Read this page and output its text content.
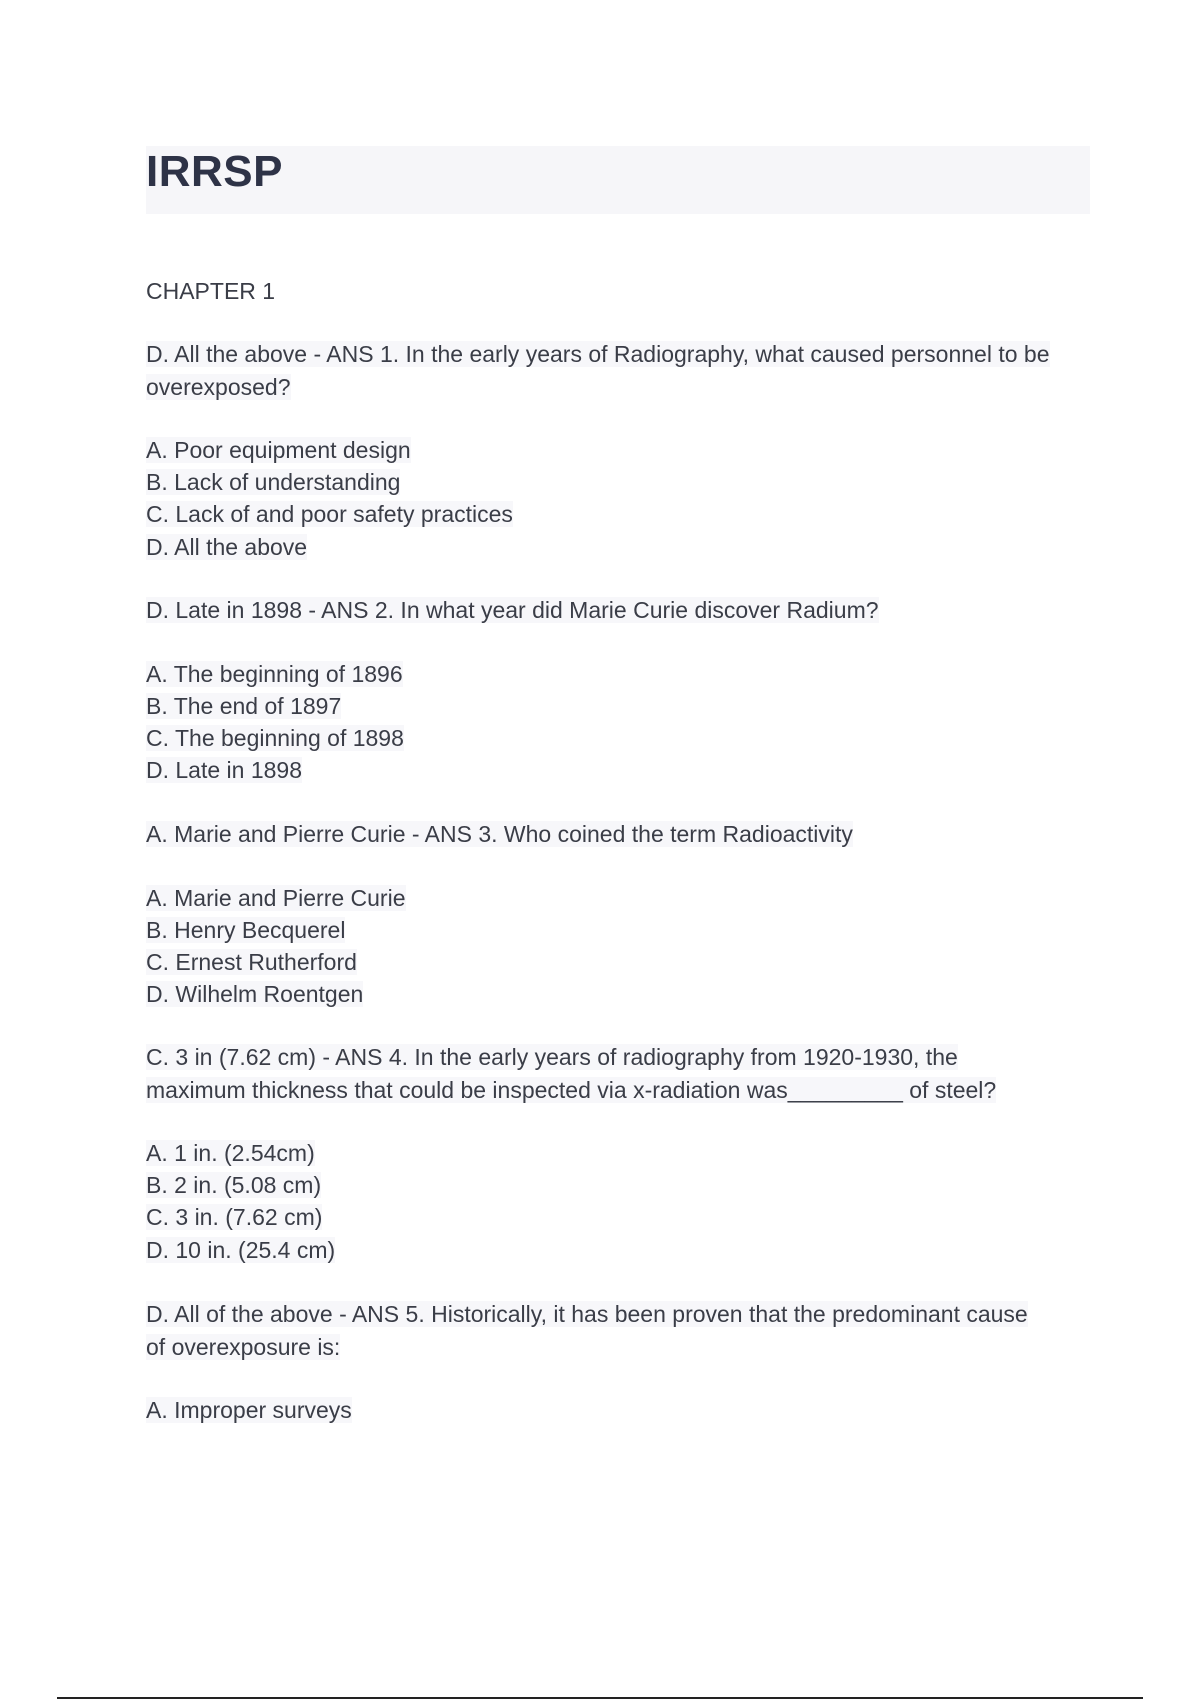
IRRSP
CHAPTER 1
D. All the above - ANS 1. In the early years of Radiography, what caused personnel to be overexposed?
A. Poor equipment design
B. Lack of understanding
C. Lack of and poor safety practices
D. All the above
D. Late in 1898 - ANS 2. In what year did Marie Curie discover Radium?
A. The beginning of 1896
B. The end of 1897
C. The beginning of 1898
D. Late in 1898
A. Marie and Pierre Curie - ANS 3. Who coined the term Radioactivity
A. Marie and Pierre Curie
B. Henry Becquerel
C. Ernest Rutherford
D. Wilhelm Roentgen
C. 3 in (7.62 cm) - ANS 4. In the early years of radiography from 1920-1930, the maximum thickness that could be inspected via x-radiation was_________ of steel?
A. 1 in. (2.54cm)
B. 2 in. (5.08 cm)
C. 3 in. (7.62 cm)
D. 10 in. (25.4 cm)
D. All of the above - ANS 5. Historically, it has been proven that the predominant cause of overexposure is:
A. Improper surveys
